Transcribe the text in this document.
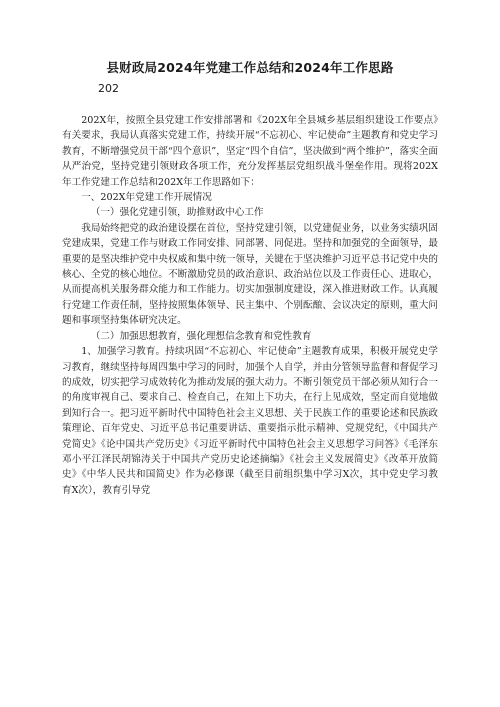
县财政局2024年党建工作总结和2024年工作思路
202

202X年，按照全县党建工作安排部署和《202X年全县城乡基层组织建设工作要点》有关要求，我局认真落实党建工作，持续开展“不忘初心、牢记使命”主题教育和党史学习教育，不断增强党员干部“四个意识”，坚定“四个自信”，坚决做到“两个维护”，落实全面从严治党，坚持党建引领财政各项工作，充分发挥基层党组织战斗堡垒作用。现将202X年工作党建工作总结和202X年工作思路如下：

一、202X年党建工作开展情况

（一）强化党建引领，助推财政中心工作

我局始终把党的政治建设摆在首位，坚持党建引领，以党建促业务，以业务实绩巩固党建成果，党建工作与财政工作同安排、同部署、同促进。坚持和加强党的全面领导，最重要的是坚决维护党中央权威和集中统一领导，关键在于坚决维护习近平总书记党中央的核心、全党的核心地位。不断激励党员的政治意识、政治站位以及工作责任心、进取心，从而提高机关服务群众能力和工作能力。切实加强制度建设，深入推进财政工作。认真履行党建工作责任制，坚持按照集体领导、民主集中、个别酝酿、会议决定的原则，重大问题和事项坚持集体研究决定。

（二）加强思想教育，强化理想信念教育和党性教育

1、加强学习教育。持续巩固“不忘初心、牢记使命”主题教育成果，积极开展党史学习教育，继续坚持每周四集中学习的同时，加强个人自学，并由分管领导监督和督促学习的成效，切实把学习成效转化为推动发展的强大动力。不断引领党员干部必须从知行合一的角度审视自己、要求自己、检查自己，在知上下功夫，在行上见成效，坚定而自觉地做到知行合一。把习近平新时代中国特色社会主义思想、关于民族工作的重要论述和民族政策理论、百年党史、习近平总书记重要讲话、重要指示批示精神、党规党纪，《中国共产党简史》《论中国共产党历史》《习近平新时代中国特色社会主义思想学习问答》《毛泽东邓小平江泽民胡锦涛关于中国共产党历史论述摘编》《社会主义发展简史》《改革开放简史》《中华人民共和国简史》作为必修课（截至目前组织集中学习X次，其中党史学习教育X次），教育引导党
